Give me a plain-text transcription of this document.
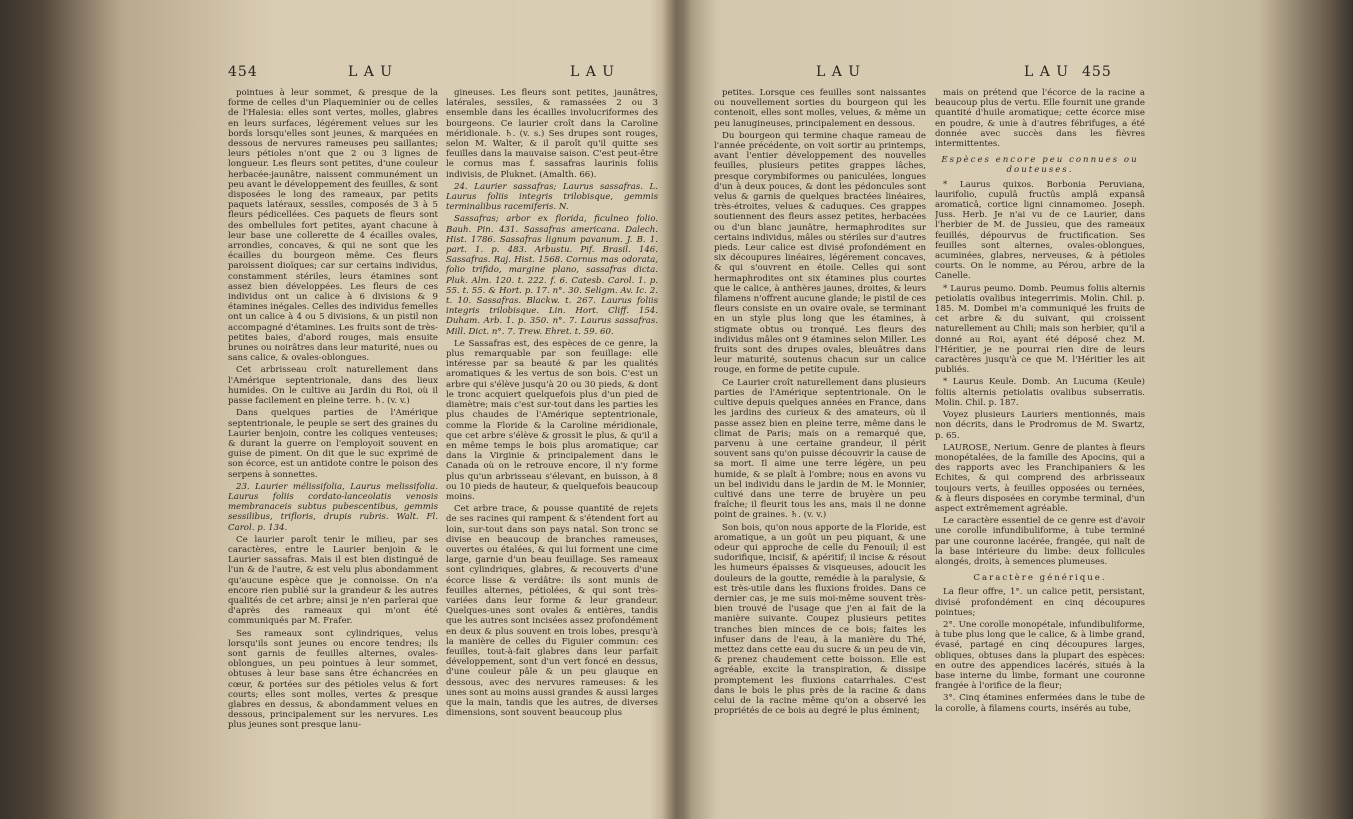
454	L A U	L A U

pointues à leur sommet, & presque de la forme de celles d'un Plaqueminier ou de celles de l'Halesia: elles sont vertes, molles, glabres en leurs surfaces, légérement velues sur les bords lorsqu'elles sont jeunes, & marquées en dessous de nervures rameuses peu saillantes; leurs pétioles n'ont que 2 ou 3 lignes de longueur. Les fleurs sont petites, d'une couleur herbacée-jaunâtre, naissent communément un peu avant le développement des feuilles, & sont disposées le long des rameaux, par petits paquets latéraux, sessiles, composés de 3 à 5 fleurs pédicellées. Ces paquets de fleurs sont des ombellules fort petites, ayant chacune à leur base une collerette de 4 écailles ovales, arrondies, concaves, & qui ne sont que les écailles du bourgeon même. Ces fleurs paroissent dioïques; car sur certains individus, constamment stériles, leurs étamines sont assez bien développées. Les fleurs de ces individus ont un calice à 6 divisions & 9 étamines inégales. Celles des individus femelles ont un calice à 4 ou 5 divisions, & un pistil non accompagné d'étamines. Les fruits sont de très-petites baies, d'abord rouges, mais ensuite brunes ou noirâtres dans leur maturité, nues ou sans calice, & ovales-oblongues.

Cet arbrisseau croît naturellement dans l'Amérique septentrionale, dans des lieux humides. On le cultive au Jardin du Roi, où il passe facilement en pleine terre. ♄. (v. v.)

Dans quelques parties de l'Amérique septentrionale, le peuple se sert des graines du Laurier benjoin, contre les coliques venteuses; & durant la guerre on l'employoit souvent en guise de piment. On dit que le suc exprimé de son écorce, est un antidote contre le poison des serpens à sonnettes.

23. Laurier mélissifolia, Laurus melissifolia. Laurus foliis cordato-lanceolatis venosis membranaceis subtus pubescentibus, gemmis sessilibus, trifloris, drupis rubris. Walt. Fl. Carol. p. 134.

Ce laurier paroît tenir le milieu, par ses caractères, entre le Laurier benjoin & le Laurier sassafras. Mais il est bien distingué de l'un & de l'autre, & est velu plus abondamment qu'aucune espèce que je connoisse. On n'a encore rien publié sur la grandeur & les autres qualités de cet arbre; ainsi je n'en parlerai que d'après des rameaux qui m'ont été communiqués par M. Frafer.

Ses rameaux sont cylindriques, velus lorsqu'ils sont jeunes ou encore tendres; ils sont garnis de feuilles alternes, ovales-oblongues, un peu pointues à leur sommet, obtuses à leur base sans être échancrées en cœur, & portées sur des pétioles velus & fort courts; elles sont molles, vertes & presque glabres en dessus, & abondamment velues en dessous, principalement sur les nervures. Les plus jeunes sont presque lanu-

gineuses. Les fleurs sont petites, jaunâtres, latérales, sessiles, & ramassées 2 ou 3 ensemble dans les écailles involucriformes des bourgeons. Ce laurier croît dans la Caroline méridionale. ♄. (v. s.) Ses drupes sont rouges, selon M. Walter, & il paroît qu'il quitte ses feuilles dans la mauvaise saison. C'est peut-être le cornus mas f. sassafras laurinis foliis indivisis, de Pluknet. (Amalth. 66).

24. Laurier sassafras; Laurus sassafras. L. Laurus foliis integris trilobisque, gemmis terminalibus racemiferis. N.

Sassafras; arbor ex florida, ficulneo folio. Bauh. Pin. 431. Sassafras americana. Dalech. Hist. 1786. Sassafras lignum pavanum. J. B. 1. part. 1. p. 483. Arbustu. Pif. Brasil. 146. Sassafras. Raj. Hist. 1568. Cornus mas odorata, folio trifido, margine plano, sassafras dicta. Pluk. Alm. 120. t. 222. f. 6. Catesb. Carol. 1. p. 55. t. 55. & Hort. p. 17. n°. 30. Seligm. Av. Ic. 2. t. 10. Sassafras. Blackw. t. 267. Laurus foliis integris trilobisque. Lin. Hort. Cliff. 154. Duham. Arb. 1. p. 350. n°. 7. Laurus sassafras. Mill. Dict. n°. 7. Trew. Ehret. t. 59. 60.

Le Sassafras est, des espèces de ce genre, la plus remarquable par son feuillage: elle intéresse par sa beauté & par les qualités aromatiques & les vertus de son bois. C'est un arbre qui s'élève jusqu'à 20 ou 30 pieds, & dont le tronc acquiert quelquefois plus d'un pied de diamètre; mais c'est sur-tout dans les parties les plus chaudes de l'Amérique septentrionale, comme la Floride & la Caroline méridionale, que cet arbre s'élève & grossit le plus, & qu'il a en même temps le bois plus aromatique; car dans la Virginie & principalement dans le Canada où on le retrouve encore, il n'y forme plus qu'un arbrisseau s'élevant, en buisson, à 8 ou 10 pieds de hauteur, & quelquefois beaucoup moins.

Cet arbre trace, & pousse quantité de rejets de ses racines qui rampent & s'étendent fort au loin, sur-tout dans son pays natal. Son tronc se divise en beaucoup de branches rameuses, ouvertes ou étalées, & qui lui forment une cime large, garnie d'un beau feuillage. Ses rameaux sont cylindriques, glabres, & recouverts d'une écorce lisse & verdâtre: ils sont munis de feuilles alternes, pétiolées, & qui sont très-variées dans leur forme & leur grandeur. Quelques-unes sont ovales & entières, tandis que les autres sont incisées assez profondément en deux & plus souvent en trois lobes, presqu'à la manière de celles du Figuier commun: ces feuilles, tout-à-fait glabres dans leur parfait développement, sont d'un vert foncé en dessus, d'une couleur pâle & un peu glauque en dessous, avec des nervures rameuses: & les unes sont au moins aussi grandes & aussi larges que la main, tandis que les autres, de diverses dimensions, sont souvent beaucoup plus

L A U	L A U 455

petites. Lorsque ces feuilles sont naissantes ou nouvellement sorties du bourgeon qui les contenoit, elles sont molles, velues, & même un peu lanugineuses, principalement en dessous.

Du bourgeon qui termine chaque rameau de l'année précédente, on voit sortir au printemps, avant l'entier développement des nouvelles feuilles, plusieurs petites grappes lâches, presque corymbiformes ou paniculées, longues d'un à deux pouces, & dont les pédoncules sont velus & garnis de quelques bractées linéaires, très-étroites, velues & caduques. Ces grappes soutiennent des fleurs assez petites, herbacées ou d'un blanc jaunâtre, hermaphrodites sur certains individus, mâles ou stériles sur d'autres pieds. Leur calice est divisé profondément en six découpures linéaires, légérement concaves, & qui s'ouvrent en étoile. Celles qui sont hermaphrodites ont six étamines plus courtes que le calice, à anthères jaunes, droites, & leurs filamens n'offrent aucune glande; le pistil de ces fleurs consiste en un ovaire ovale, se terminant en un style plus long que les étamines, à stigmate obtus ou tronqué. Les fleurs des individus mâles ont 9 étamines selon Miller. Les fruits sont des drupes ovales, bleuâtres dans leur maturité, soutenus chacun sur un calice rouge, en forme de petite cupule.

Ce Laurier croît naturellement dans plusieurs parties de l'Amérique septentrionale. On le cultive depuis quelques années en France, dans les jardins des curieux & des amateurs, où il passe assez bien en pleine terre, même dans le climat de Paris; mais on a remarqué que, parvenu à une certaine grandeur, il périt souvent sans qu'on puisse découvrir la cause de sa mort. Il aime une terre légère, un peu humide, & se plaît à l'ombre; nous en avons vu un bel individu dans le jardin de M. le Monnier, cultivé dans une terre de bruyère un peu fraîche; il fleurit tous les ans, mais il ne donne point de graines. ♄. (v. v.)

Son bois, qu'on nous apporte de la Floride, est aromatique, a un goût un peu piquant, & une odeur qui approche de celle du Fenouil; il est sudorifique, incisif, & apéritif; il incise & résout les humeurs épaisses & visqueuses, adoucit les douleurs de la goutte, remédie à la paralysie, & est très-utile dans les fluxions froides. Dans ce dernier cas, je me suis moi-même souvent très-bien trouvé de l'usage que j'en ai fait de la manière suivante. Coupez plusieurs petites tranches bien minces de ce bois; faites les infuser dans de l'eau, à la manière du Thé, mettez dans cette eau du sucre & un peu de vin, & prenez chaudement cette boisson. Elle est agréable, excite la transpiration, & dissipe promptement les fluxions catarrhales. C'est dans le bois le plus près de la racine & dans celui de la racine même qu'on a observé les propriétés de ce bois au degré le plus éminent;

mais on prétend que l'écorce de la racine a beaucoup plus de vertu. Elle fournit une grande quantité d'huile aromatique; cette écorce mise en poudre, & unie à d'autres fébrifuges, a été donnée avec succès dans les fièvres intermittentes.

Espèces encore peu connues ou douteuses.

* Laurus quixos. Borbonia Peruviana, laurifolio, cupulâ fructûs amplâ expansâ aromaticâ, cortice ligni cinnamomeo. Joseph. Juss. Herb. Je n'ai vu de ce Laurier, dans l'herbier de M. de Jussieu, que des rameaux feuillés, dépourvus de fructification. Ses feuilles sont alternes, ovales-oblongues, acuminées, glabres, nerveuses, & à pétioles courts. On le nomme, au Pérou, arbre de la Canelle.

* Laurus peumo. Domb. Peumus foliis alternis petiolatis ovalibus integerrimis. Molin. Chil. p. 185. M. Dombei m'a communiqué les fruits de cet arbre & du suivant, qui croissent naturellement au Chili; mais son herbier, qu'il a donné au Roi, ayant été déposé chez M. l'Héritier, je ne pourrai rien dire de leurs caractères jusqu'à ce que M. l'Héritier les ait publiés.

* Laurus Keule. Domb. An Lucuma (Keule) foliis alternis petiolatis ovalibus subserratis. Molin. Chil. p. 187.

Voyez plusieurs Lauriers mentionnés, mais non décrits, dans le Prodromus de M. Swartz, p. 65.

LAUROSE, Nerium. Genre de plantes à fleurs monopétalées, de la famille des Apocins, qui a des rapports avec les Franchipaniers & les Echites, & qui comprend des arbrisseaux toujours verts, à feuilles opposées ou ternées, & à fleurs disposées en corymbe terminal, d'un aspect extrêmement agréable.

Le caractère essentiel de ce genre est d'avoir une corolle infundibuliforme, à tube terminé par une couronne lacérée, frangée, qui naît de la base intérieure du limbe: deux follicules alongés, droits, à semences plumeuses.

Caractère générique.

La fleur offre, 1°. un calice petit, persistant, divisé profondément en cinq découpures pointues;

2°. Une corolle monopétale, infundibuliforme, à tube plus long que le calice, & à limbe grand, évasé, partagé en cinq découpures larges, obliques, obtuses dans la plupart des espèces: en outre des appendices lacérés, situés à la base interne du limbe, formant une couronne frangée à l'orifice de la fleur;

3°. Cinq étamines enfermées dans le tube de la corolle, à filamens courts, insérés au tube,
